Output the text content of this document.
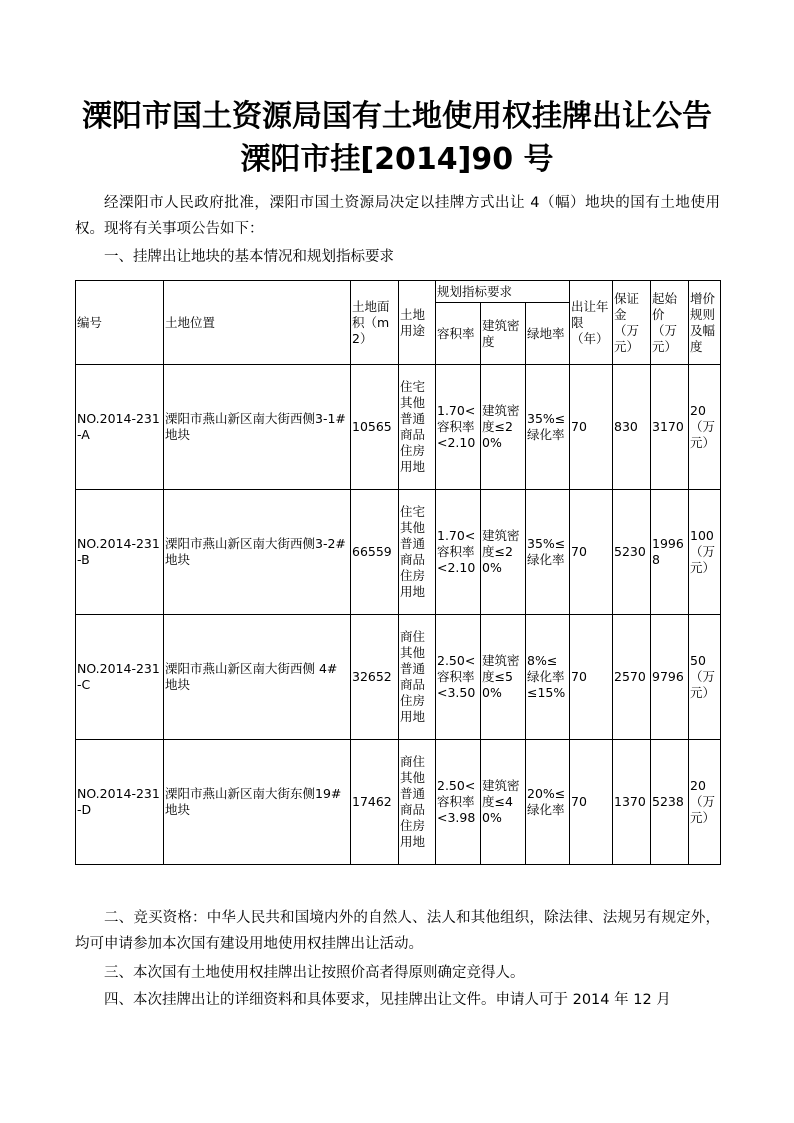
溧阳市国土资源局国有土地使用权挂牌出让公告
溧阳市挂[2014]90 号
经溧阳市人民政府批准，溧阳市国土资源局决定以挂牌方式出让 4（幅）地块的国有土地使用权。现将有关事项公告如下：
一、挂牌出让地块的基本情况和规划指标要求
编号	土地位置	土地面积（m2）	土地用途	规划指标要求			出让年限（年）	保证金（万元）	起始价（万元）	增价规则及幅度
				容积率	建筑密度	绿地率				
NO.2014-231-A	溧阳市燕山新区南大街西侧3-1#地块	10565	住宅其他普通商品住房用地	1.70<容积率<2.10	建筑密度≤20%	35%≤绿化率	70	830	3170	20（万元）
NO.2014-231-B	溧阳市燕山新区南大街西侧3-2#地块	66559	住宅其他普通商品住房用地	1.70<容积率<2.10	建筑密度≤20%	35%≤绿化率	70	5230	19968	100（万元）
NO.2014-231-C	溧阳市燕山新区南大街西侧 4#地块	32652	商住其他普通商品住房用地	2.50<容积率<3.50	建筑密度≤50%	8%≤绿化率≤15%	70	2570	9796	50（万元）
NO.2014-231-D	溧阳市燕山新区南大街东侧19#地块	17462	商住其他普通商品住房用地	2.50<容积率<3.98	建筑密度≤40%	20%≤绿化率	70	1370	5238	20（万元）
二、竞买资格：中华人民共和国境内外的自然人、法人和其他组织，除法律、法规另有规定外，均可申请参加本次国有建设用地使用权挂牌出让活动。
三、本次国有土地使用权挂牌出让按照价高者得原则确定竞得人。
四、本次挂牌出让的详细资料和具体要求，见挂牌出让文件。申请人可于 2014 年 12 月
